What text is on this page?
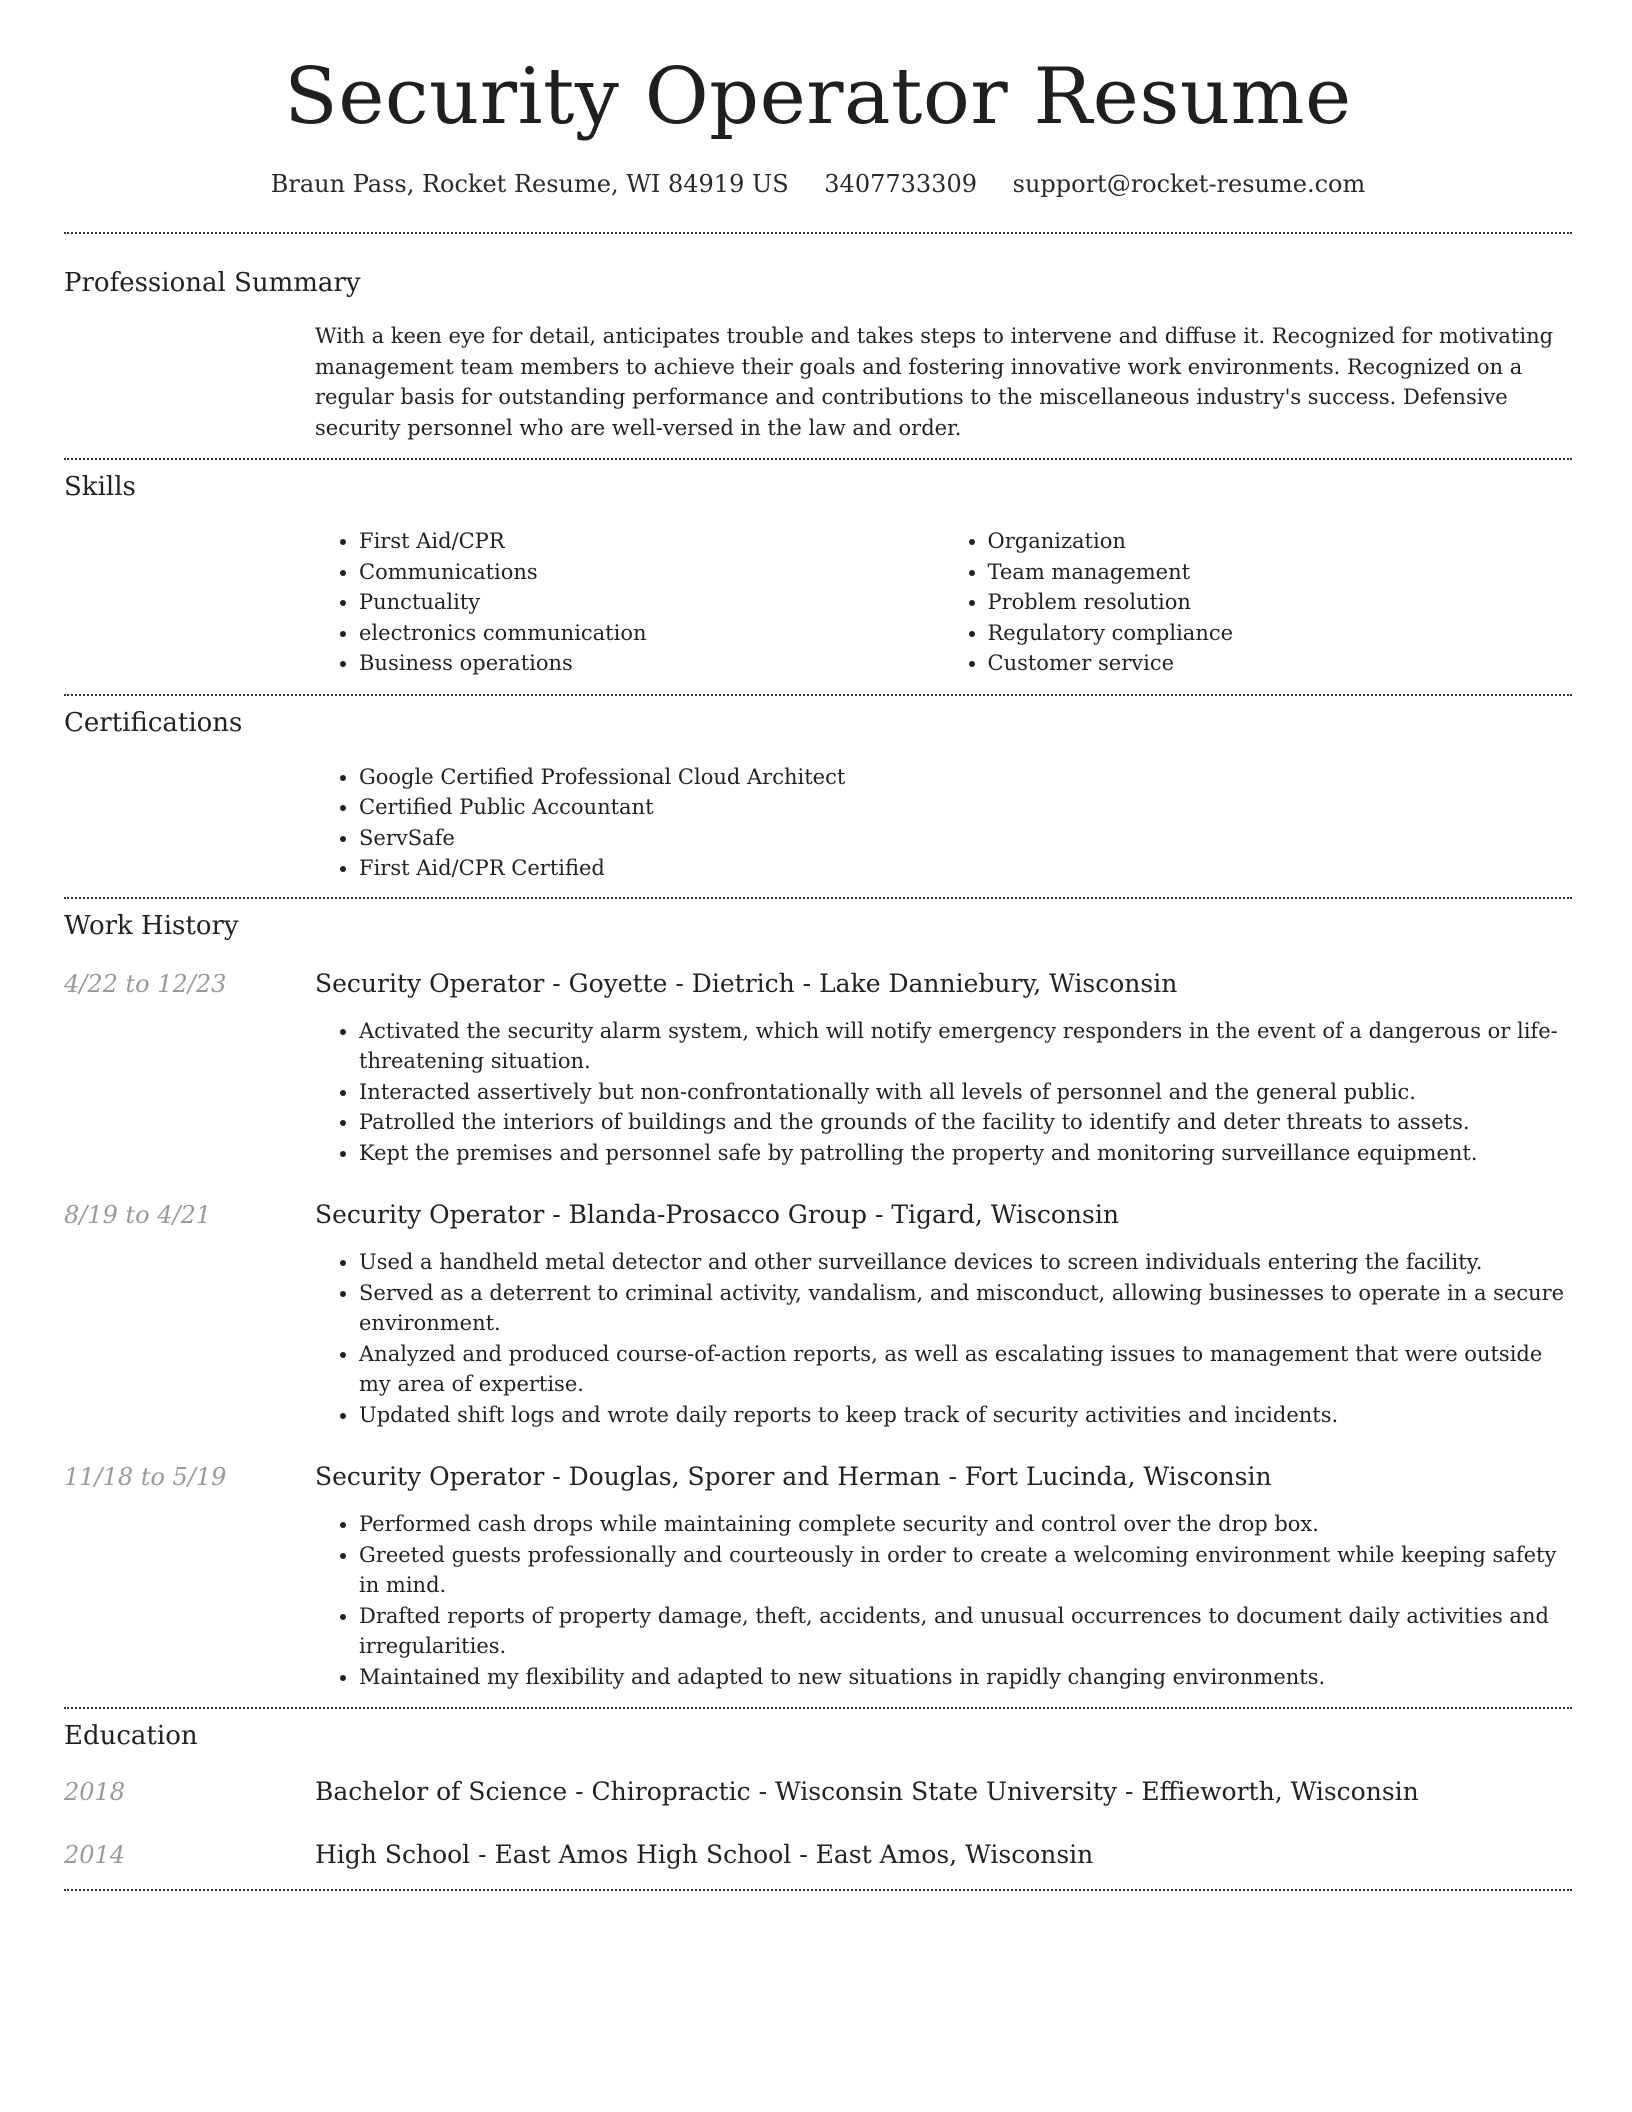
Security Operator Resume
Braun Pass, Rocket Resume, WI 84919 US 3407733309 support@rocket-resume.com
Professional Summary
With a keen eye for detail, anticipates trouble and takes steps to intervene and diffuse it. Recognized for motivating management team members to achieve their goals and fostering innovative work environments. Recognized on a regular basis for outstanding performance and contributions to the miscellaneous industry's success. Defensive security personnel who are well-versed in the law and order.
Skills
• First Aid/CPR
• Communications
• Punctuality
• electronics communication
• Business operations
• Organization
• Team management
• Problem resolution
• Regulatory compliance
• Customer service
Certifications
• Google Certified Professional Cloud Architect
• Certified Public Accountant
• ServSafe
• First Aid/CPR Certified
Work History
4/22 to 12/23	Security Operator - Goyette - Dietrich - Lake Danniebury, Wisconsin
• Activated the security alarm system, which will notify emergency responders in the event of a dangerous or life-threatening situation.
• Interacted assertively but non-confrontationally with all levels of personnel and the general public.
• Patrolled the interiors of buildings and the grounds of the facility to identify and deter threats to assets.
• Kept the premises and personnel safe by patrolling the property and monitoring surveillance equipment.
8/19 to 4/21	Security Operator - Blanda-Prosacco Group - Tigard, Wisconsin
• Used a handheld metal detector and other surveillance devices to screen individuals entering the facility.
• Served as a deterrent to criminal activity, vandalism, and misconduct, allowing businesses to operate in a secure environment.
• Analyzed and produced course-of-action reports, as well as escalating issues to management that were outside my area of expertise.
• Updated shift logs and wrote daily reports to keep track of security activities and incidents.
11/18 to 5/19	Security Operator - Douglas, Sporer and Herman - Fort Lucinda, Wisconsin
• Performed cash drops while maintaining complete security and control over the drop box.
• Greeted guests professionally and courteously in order to create a welcoming environment while keeping safety in mind.
• Drafted reports of property damage, theft, accidents, and unusual occurrences to document daily activities and irregularities.
• Maintained my flexibility and adapted to new situations in rapidly changing environments.
Education
2018	Bachelor of Science - Chiropractic - Wisconsin State University - Effieworth, Wisconsin
2014	High School - East Amos High School - East Amos, Wisconsin
